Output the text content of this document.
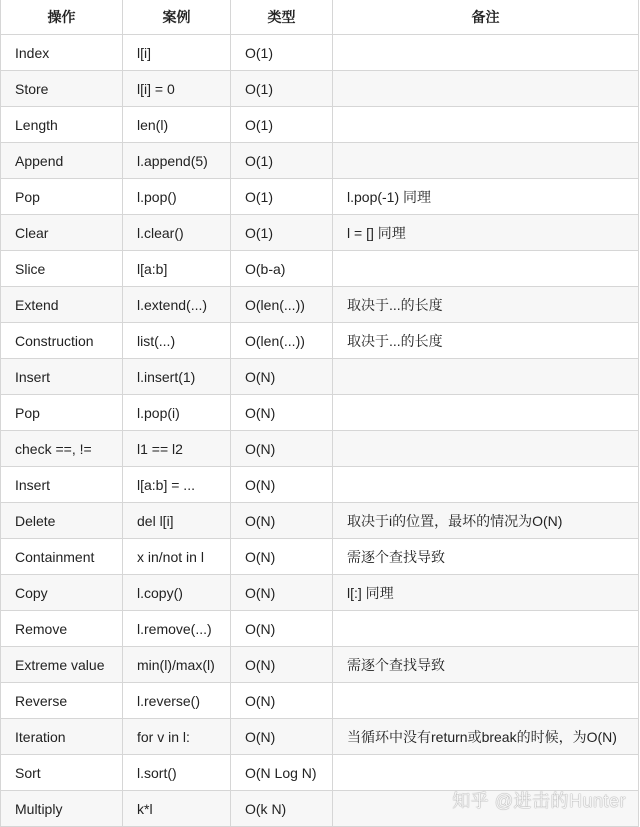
操作	案例	类型	备注
Index	l[i]	O(1)	
Store	l[i] = 0	O(1)	
Length	len(l)	O(1)	
Append	l.append(5)	O(1)	
Pop	l.pop()	O(1)	l.pop(-1) 同理
Clear	l.clear()	O(1)	l = [] 同理
Slice	l[a:b]	O(b-a)	
Extend	l.extend(...)	O(len(...))	取决于...的长度
Construction	list(...)	O(len(...))	取决于...的长度
Insert	l.insert(1)	O(N)	
Pop	l.pop(i)	O(N)	
check ==, !=	l1 == l2	O(N)	
Insert	l[a:b] = ...	O(N)	
Delete	del l[i]	O(N)	取决于i的位置，最坏的情况为O(N)
Containment	x in/not in l	O(N)	需逐个查找导致
Copy	l.copy()	O(N)	l[:] 同理
Remove	l.remove(...)	O(N)	
Extreme value	min(l)/max(l)	O(N)	需逐个查找导致
Reverse	l.reverse()	O(N)	
Iteration	for v in l:	O(N)	当循环中没有return或break的时候，为O(N)
Sort	l.sort()	O(N Log N)	
Multiply	k*l	O(k N)		知乎 @进击的Hunter
